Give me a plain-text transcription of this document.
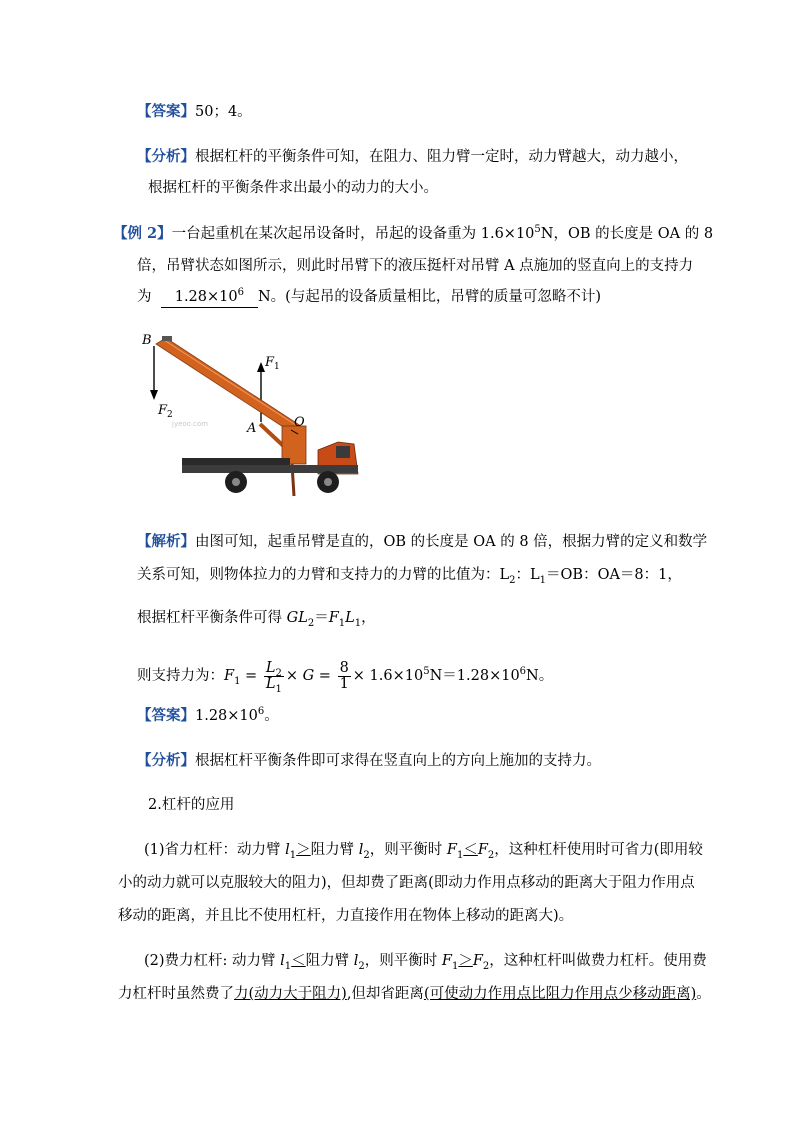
【答案】50；4。
【分析】根据杠杆的平衡条件可知，在阻力、阻力臂一定时，动力臂越大，动力越小，
根据杠杆的平衡条件求出最小的动力的大小。
【例 2】一台起重机在某次起吊设备时，吊起的设备重为 $1.6\times 10^5N$，OB 的长度是 OA 的 8
倍，吊臂状态如图所示，则此时吊臂下的液压挺杆对吊臂 A 点施加的竖直向上的支持力
为 $1.28\times 10^6$ N。(与起吊的设备质量相比，吊臂的质量可忽略不计)
B
$F_2$
$F_1$
A	O
jyeoo.com
【解析】由图可知，起重吊臂是直的，OB 的长度是 OA 的 8 倍，根据力臂的定义和数学
关系可知，则物体拉力的力臂和支持力的力臂的比值为：$L_2$：$L_1=OB$：OA＝8：1，
根据杠杆平衡条件可得 $GL_2=F_1L_1$，
则支持力为：$F_1 = \frac{L_2}{L_1} \times G = \frac{8}{1} \times 1.6\times 10^5N=1.28\times 10^6N$。
【答案】$1.28\times 10^6$。
【分析】根据杠杆平衡条件即可求得在竖直向上的方向上施加的支持力。
2.杠杆的应用
(1)省力杠杆：动力臂 $l_1>$阻力臂 $l_2$，则平衡时 $F_1<F_2$，这种杠杆使用时可省力(即用较
小的动力就可以克服较大的阻力)，但却费了距离(即动力作用点移动的距离大于阻力作用点
移动的距离，并且比不使用杠杆，力直接作用在物体上移动的距离大)。
(2)费力杠杆: 动力臂 $l_1<$阻力臂 $l_2$，则平衡时 $F_1>F_2$，这种杠杆叫做费力杠杆。使用费
力杠杆时虽然费了力(动力大于阻力),但却省距离(可使动力作用点比阻力作用点少移动距离)。
